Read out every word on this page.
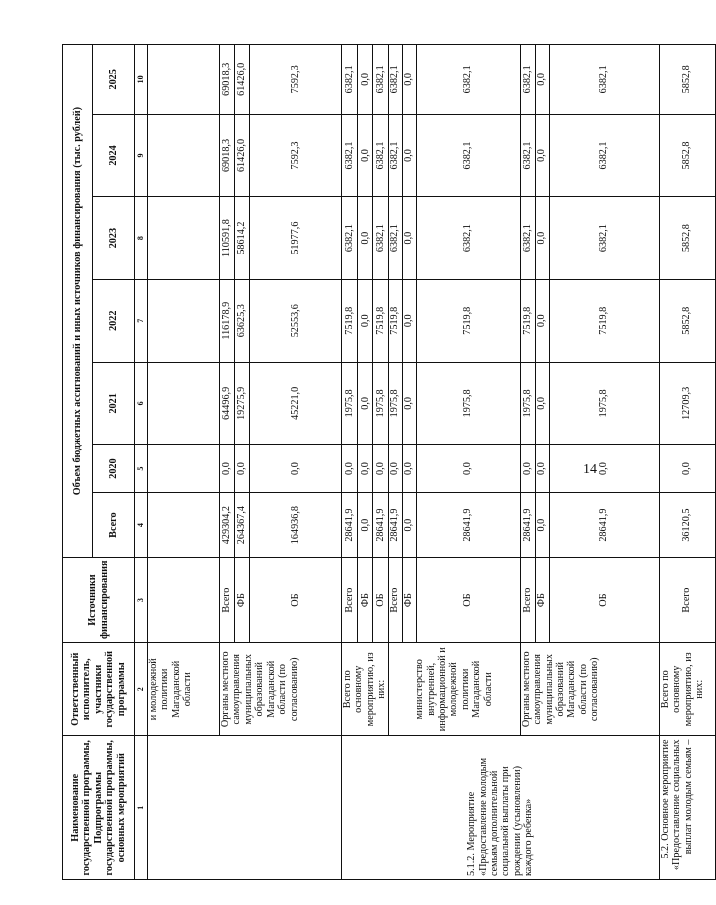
14
Наименование государственной программы, Подпрограммы государственной программы, основных мероприятий	Ответственный исполнитель, участники государственной программы	Источники финансирования	Объем бюджетных ассигнований и иных источников финансирования (тыс. рублей)						
			Всего	2020	2021	2022	2023	2024	2025
1	2	3	4	5	6	7	8	9	10
	и молодежной политики Магаданской области								
	Органы местного самоуправления муниципальных образований Магаданской области (по согласованию)	Всего	429304,2	0,0	64496,9	116178,9	110591,8	69018,3	69018,3
		ФБ	264367,4	0,0	19275,9	63625,3	58614,2	61426,0	61426,0
		ОБ	164936,8	0,0	45221,0	52553,6	51977,6	7592,3	7592,3
5.1.2. Мероприятие «Предоставление молодым семьям дополнительной социальной выплаты при рождении (усыновлении) каждого ребенка»	Всего по основному мероприятию, из них:	Всего	28641,9	0,0	1975,8	7519,8	6382,1	6382,1	6382,1
		ФБ	0,0	0,0	0,0	0,0	0,0	0,0	0,0
		ОБ	28641,9	0,0	1975,8	7519,8	6382,1	6382,1	6382,1
	министерство внутренней, информационной и молодежной политики Магаданской области	Всего	28641,9	0,0	1975,8	7519,8	6382,1	6382,1	6382,1
		ФБ	0,0	0,0	0,0	0,0	0,0	0,0	0,0
		ОБ	28641,9	0,0	1975,8	7519,8	6382,1	6382,1	6382,1
	Органы местного самоуправления муниципальных образований Магаданской области (по согласованию)	Всего	28641,9	0,0	1975,8	7519,8	6382,1	6382,1	6382,1
		ФБ	0,0	0,0	0,0	0,0	0,0	0,0	0,0
		ОБ	28641,9	0,0	1975,8	7519,8	6382,1	6382,1	6382,1
5.2. Основное мероприятие «Предоставление социальных выплат молодым семьям –	Всего по основному мероприятию, из них:	Всего	36120,5	0,0	12709,3	5852,8	5852,8	5852,8	5852,8
